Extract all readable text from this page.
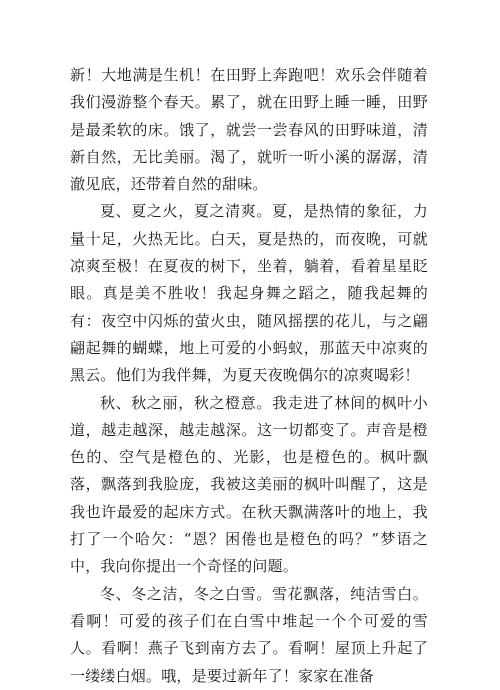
新！大地满是生机！在田野上奔跑吧！欢乐会伴随着我们漫游整个春天。累了，就在田野上睡一睡，田野是最柔软的床。饿了，就尝一尝春风的田野味道，清新自然，无比美丽。渴了，就听一听小溪的潺潺，清澈见底，还带着自然的甜味。

夏、夏之火，夏之清爽。夏，是热情的象征，力量十足，火热无比。白天，夏是热的，而夜晚，可就凉爽至极！在夏夜的树下，坐着，躺着，看着星星眨眼。真是美不胜收！我起身舞之蹈之，随我起舞的有：夜空中闪烁的萤火虫，随风摇摆的花儿，与之翩翩起舞的蝴蝶，地上可爱的小蚂蚁，那蓝天中凉爽的黑云。他们为我伴舞，为夏天夜晚偶尔的凉爽喝彩！

秋、秋之丽，秋之橙意。我走进了林间的枫叶小道，越走越深，越走越深。这一切都变了。声音是橙色的、空气是橙色的、光影，也是橙色的。枫叶飘落，飘落到我脸庞，我被这美丽的枫叶叫醒了，这是我也许最爱的起床方式。在秋天飘满落叶的地上，我打了一个哈欠：“恩？困倦也是橙色的吗？”梦语之中，我向你提出一个奇怪的问题。

冬、冬之洁，冬之白雪。雪花飘落，纯洁雪白。看啊！可爱的孩子们在白雪中堆起一个个可爱的雪人。看啊！燕子飞到南方去了。看啊！屋顶上升起了一缕缕白烟。哦，是要过新年了！家家在准备
